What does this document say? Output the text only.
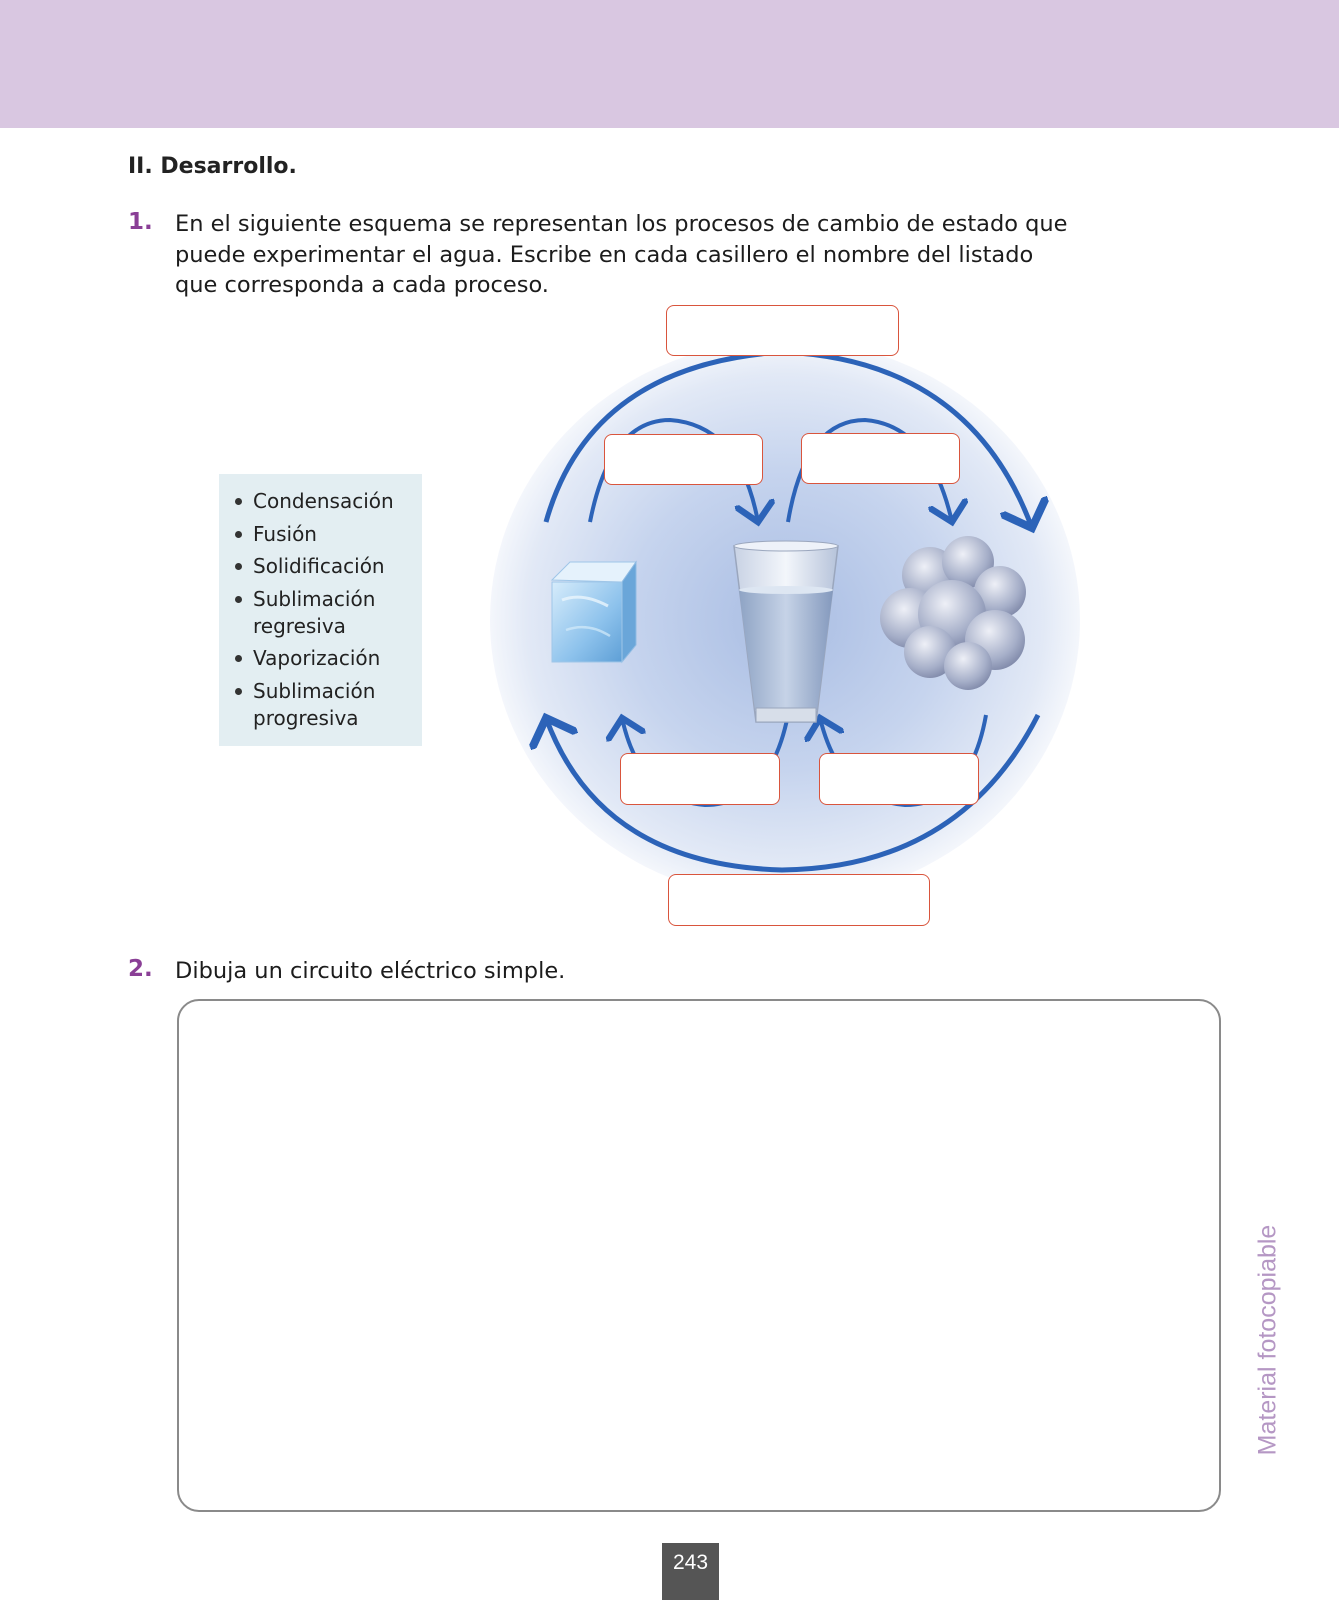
II. Desarrollo.
1. En el siguiente esquema se representan los procesos de cambio de estado que puede experimentar el agua. Escribe en cada casillero el nombre del listado que corresponda a cada proceso.
Condensación
Fusión
Solidificación
Sublimación regresiva
Vaporización
Sublimación progresiva
2. Dibuja un circuito eléctrico simple.
Material fotocopiable
243
